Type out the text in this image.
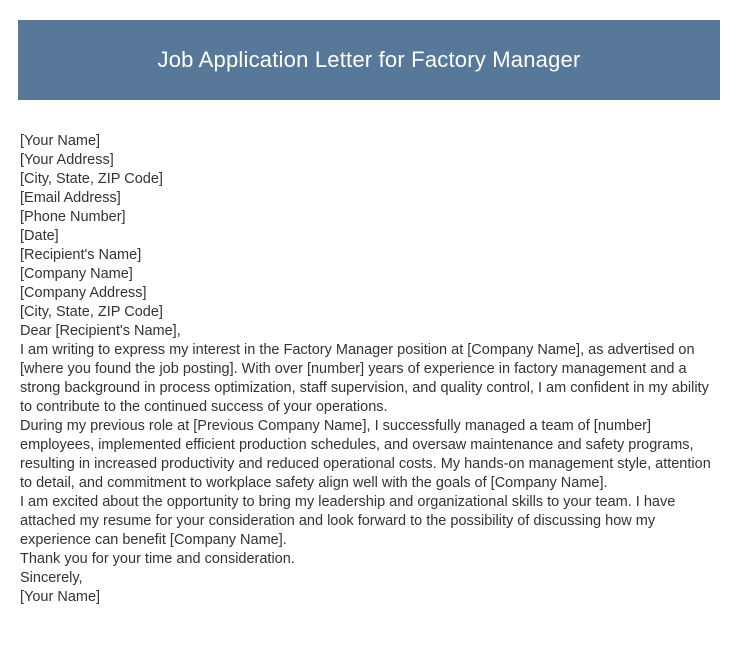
Job Application Letter for Factory Manager
[Your Name]
[Your Address]
[City, State, ZIP Code]
[Email Address]
[Phone Number]
[Date]
[Recipient's Name]
[Company Name]
[Company Address]
[City, State, ZIP Code]
Dear [Recipient's Name],
I am writing to express my interest in the Factory Manager position at [Company Name], as advertised on [where you found the job posting]. With over [number] years of experience in factory management and a strong background in process optimization, staff supervision, and quality control, I am confident in my ability to contribute to the continued success of your operations.
During my previous role at [Previous Company Name], I successfully managed a team of [number] employees, implemented efficient production schedules, and oversaw maintenance and safety programs, resulting in increased productivity and reduced operational costs. My hands-on management style, attention to detail, and commitment to workplace safety align well with the goals of [Company Name].
I am excited about the opportunity to bring my leadership and organizational skills to your team. I have attached my resume for your consideration and look forward to the possibility of discussing how my experience can benefit [Company Name].
Thank you for your time and consideration.
Sincerely,
[Your Name]
